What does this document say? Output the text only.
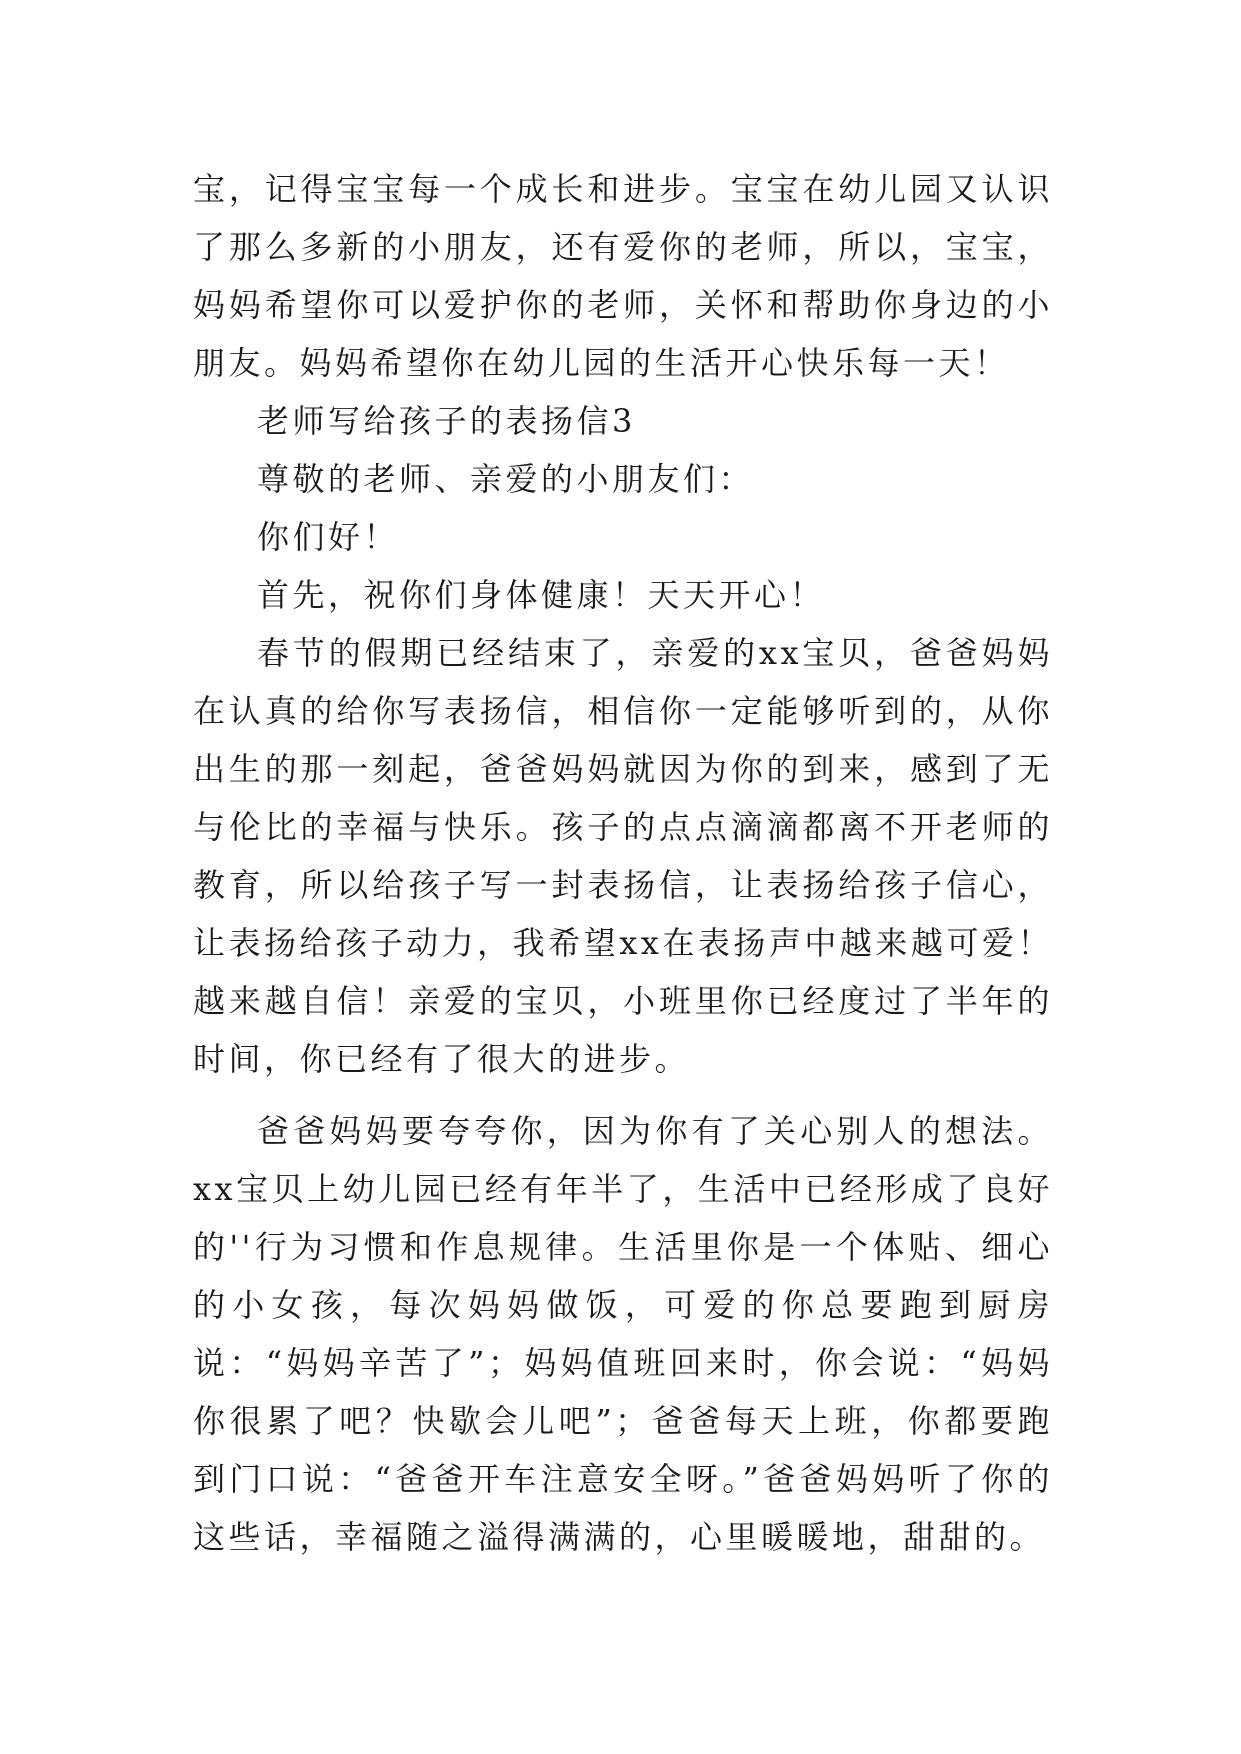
宝，记得宝宝每一个成长和进步。宝宝在幼儿园又认识了那么多新的小朋友，还有爱你的老师，所以，宝宝，妈妈希望你可以爱护你的老师，关怀和帮助你身边的小朋友。妈妈希望你在幼儿园的生活开心快乐每一天！

老师写给孩子的表扬信3

尊敬的老师、亲爱的小朋友们：

你们好！

首先，祝你们身体健康！天天开心！

春节的假期已经结束了，亲爱的xx宝贝，爸爸妈妈在认真的给你写表扬信，相信你一定能够听到的，从你出生的那一刻起，爸爸妈妈就因为你的到来，感到了无与伦比的幸福与快乐。孩子的点点滴滴都离不开老师的教育，所以给孩子写一封表扬信，让表扬给孩子信心，让表扬给孩子动力，我希望xx在表扬声中越来越可爱！越来越自信！亲爱的宝贝，小班里你已经度过了半年的时间，你已经有了很大的进步。

爸爸妈妈要夸夸你，因为你有了关心别人的想法。xx宝贝上幼儿园已经有年半了，生活中已经形成了良好的''行为习惯和作息规律。生活里你是一个体贴、细心的小女孩，每次妈妈做饭，可爱的你总要跑到厨房说：“妈妈辛苦了”；妈妈值班回来时，你会说：“妈妈你很累了吧？快歇会儿吧”；爸爸每天上班，你都要跑到门口说：“爸爸开车注意安全呀。”爸爸妈妈听了你的这些话，幸福随之溢得满满的，心里暖暖地，甜甜的。
